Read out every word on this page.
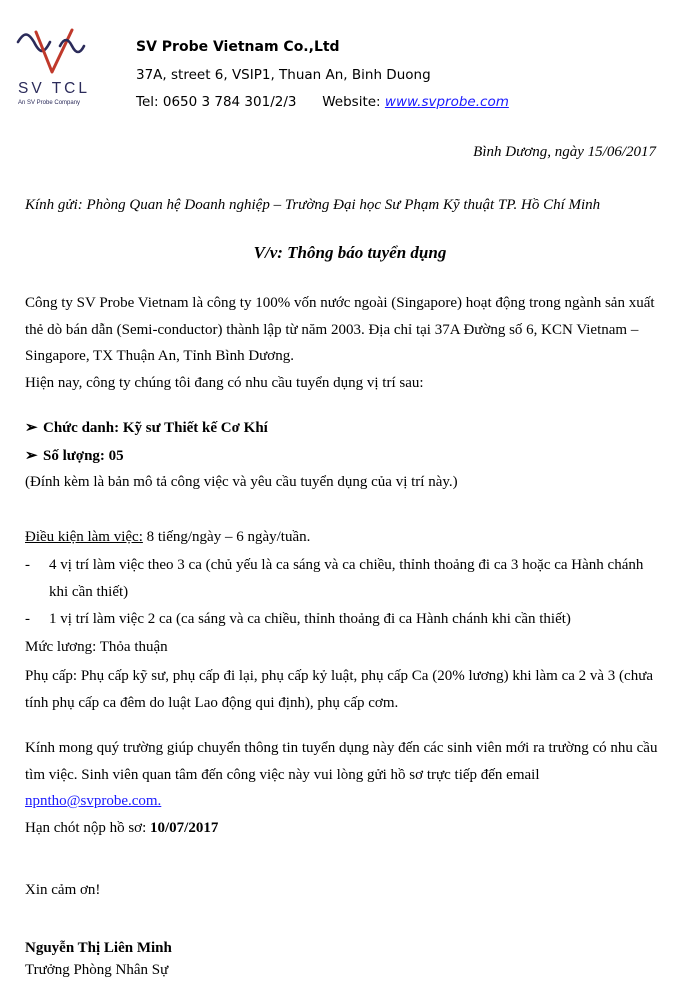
SV TCL
An SV Probe Company
SV Probe Vietnam Co.,Ltd
37A, street 6, VSIP1, Thuan An, Binh Duong
Tel: 0650 3 784 301/2/3 Website: www.svprobe.com
Bình Dương, ngày 15/06/2017
Kính gửi: Phòng Quan hệ Doanh nghiệp – Trường Đại học Sư Phạm Kỹ thuật TP. Hồ Chí Minh
V/v: Thông báo tuyển dụng
Công ty SV Probe Vietnam là công ty 100% vốn nước ngoài (Singapore) hoạt động trong ngành sản xuất thẻ dò bán dẫn (Semi-conductor) thành lập từ năm 2003. Địa chỉ tại 37A Đường số 6, KCN Vietnam – Singapore, TX Thuận An, Tỉnh Bình Dương.
Hiện nay, công ty chúng tôi đang có nhu cầu tuyển dụng vị trí sau:
➢ Chức danh: Kỹ sư Thiết kế Cơ Khí
➢ Số lượng: 05
(Đính kèm là bản mô tả công việc và yêu cầu tuyển dụng của vị trí này.)
Điều kiện làm việc: 8 tiếng/ngày – 6 ngày/tuần.
-	4 vị trí làm việc theo 3 ca (chủ yếu là ca sáng và ca chiều, thỉnh thoảng đi ca 3 hoặc ca Hành chánh khi cần thiết)
-	1 vị trí làm việc 2 ca (ca sáng và ca chiều, thỉnh thoảng đi ca Hành chánh khi cần thiết)
Mức lương: Thỏa thuận
Phụ cấp: Phụ cấp kỹ sư, phụ cấp đi lại, phụ cấp kỷ luật, phụ cấp Ca (20% lương) khi làm ca 2 và 3 (chưa tính phụ cấp ca đêm do luật Lao động qui định), phụ cấp cơm.
Kính mong quý trường giúp chuyển thông tin tuyển dụng này đến các sinh viên mới ra trường có nhu cầu tìm việc. Sinh viên quan tâm đến công việc này vui lòng gửi hồ sơ trực tiếp đến email npntho@svprobe.com.
Hạn chót nộp hồ sơ: 10/07/2017
Xin cảm ơn!
Nguyễn Thị Liên Minh
Trưởng Phòng Nhân Sự
